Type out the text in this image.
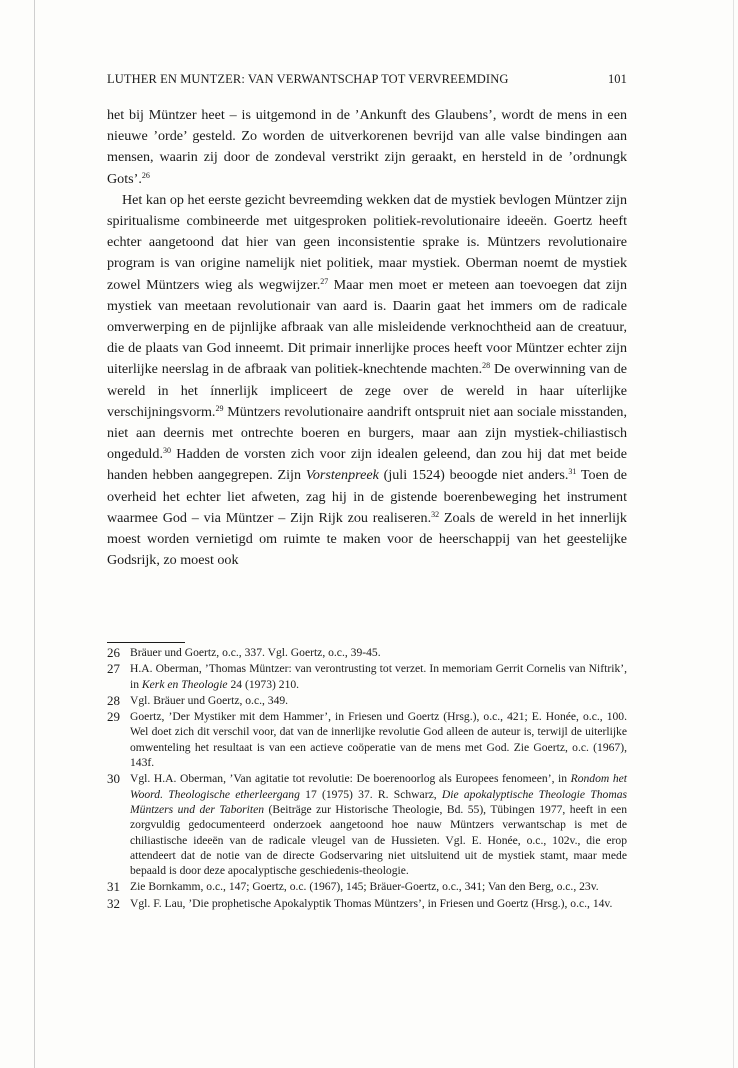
LUTHER EN MUNTZER: VAN VERWANTSCHAP TOT VERVREEMDING	101

het bij Müntzer heet – is uitgemond in de ’Ankunft des Glaubens’, wordt de mens in een nieuwe ’orde’ gesteld. Zo worden de uitverkorenen bevrijd van alle valse bindingen aan mensen, waarin zij door de zondeval verstrikt zijn geraakt, en hersteld in de ’ordnungk Gots’.$^{26}$

Het kan op het eerste gezicht bevreemding wekken dat de mystiek bevlogen Müntzer zijn spiritualisme combineerde met uitgesproken politiek-revolutionaire ideeën. Goertz heeft echter aangetoond dat hier van geen inconsistentie sprake is. Müntzers revolutionaire program is van origine namelijk niet politiek, maar mystiek. Oberman noemt de mystiek zowel Müntzers wieg als wegwijzer.$^{27}$ Maar men moet er meteen aan toevoegen dat zijn mystiek van meetaan revolutionair van aard is. Daarin gaat het immers om de radicale omverwerping en de pijnlijke afbraak van alle misleidende verknochtheid aan de creatuur, die de plaats van God inneemt. Dit primair innerlijke proces heeft voor Müntzer echter zijn uiterlijke neerslag in de afbraak van politiek-knechtende machten.$^{28}$ De overwinning van de wereld in het ínnerlijk impliceert de zege over de wereld in haar uíterlijke verschijningsvorm.$^{29}$ Müntzers revolutionaire aandrift ontspruit niet aan sociale misstanden, niet aan deernis met ontrechte boeren en burgers, maar aan zijn mystiek-chiliastisch ongeduld.$^{30}$ Hadden de vorsten zich voor zijn idealen geleend, dan zou hij dat met beide handen hebben aangegrepen. Zijn Vorstenpreek (juli 1524) beoogde niet anders.$^{31}$ Toen de overheid het echter liet afweten, zag hij in de gistende boerenbeweging het instrument waarmee God – via Müntzer – Zijn Rijk zou realiseren.$^{32}$ Zoals de wereld in het innerlijk moest worden vernietigd om ruimte te maken voor de heerschappij van het geestelijke Godsrijk, zo moest ook

26 Bräuer und Goertz, o.c., 337. Vgl. Goertz, o.c., 39-45.

27 H.A. Oberman, ’Thomas Müntzer: van verontrusting tot verzet. In memoriam Gerrit Cornelis van Niftrik’, in Kerk en Theologie 24 (1973) 210.

28 Vgl. Bräuer und Goertz, o.c., 349.

29 Goertz, ’Der Mystiker mit dem Hammer’, in Friesen und Goertz (Hrsg.), o.c., 421; E. Honée, o.c., 100. Wel doet zich dit verschil voor, dat van de innerlijke revolutie God alleen de auteur is, terwijl de uiterlijke omwenteling het resultaat is van een actieve coöperatie van de mens met God. Zie Goertz, o.c. (1967), 143f.

30 Vgl. H.A. Oberman, ’Van agitatie tot revolutie: De boerenoorlog als Europees fenomeen’, in Rondom het Woord. Theologische etherleergang 17 (1975) 37. R. Schwarz, Die apokalyptische Theologie Thomas Müntzers und der Taboriten (Beiträge zur Historische Theologie, Bd. 55), Tübingen 1977, heeft in een zorgvuldig gedocumenteerd onderzoek aangetoond hoe nauw Müntzers verwantschap is met de chiliastische ideeën van de radicale vleugel van de Hussieten. Vgl. E. Honée, o.c., 102v., die erop attendeert dat de notie van de directe Godservaring niet uitsluitend uit de mystiek stamt, maar mede bepaald is door deze apocalyptische geschiedenis-theologie.

31 Zie Bornkamm, o.c., 147; Goertz, o.c. (1967), 145; Bräuer-Goertz, o.c., 341; Van den Berg, o.c., 23v.

32 Vgl. F. Lau, ’Die prophetische Apokalyptik Thomas Müntzers’, in Friesen und Goertz (Hrsg.), o.c., 14v.
